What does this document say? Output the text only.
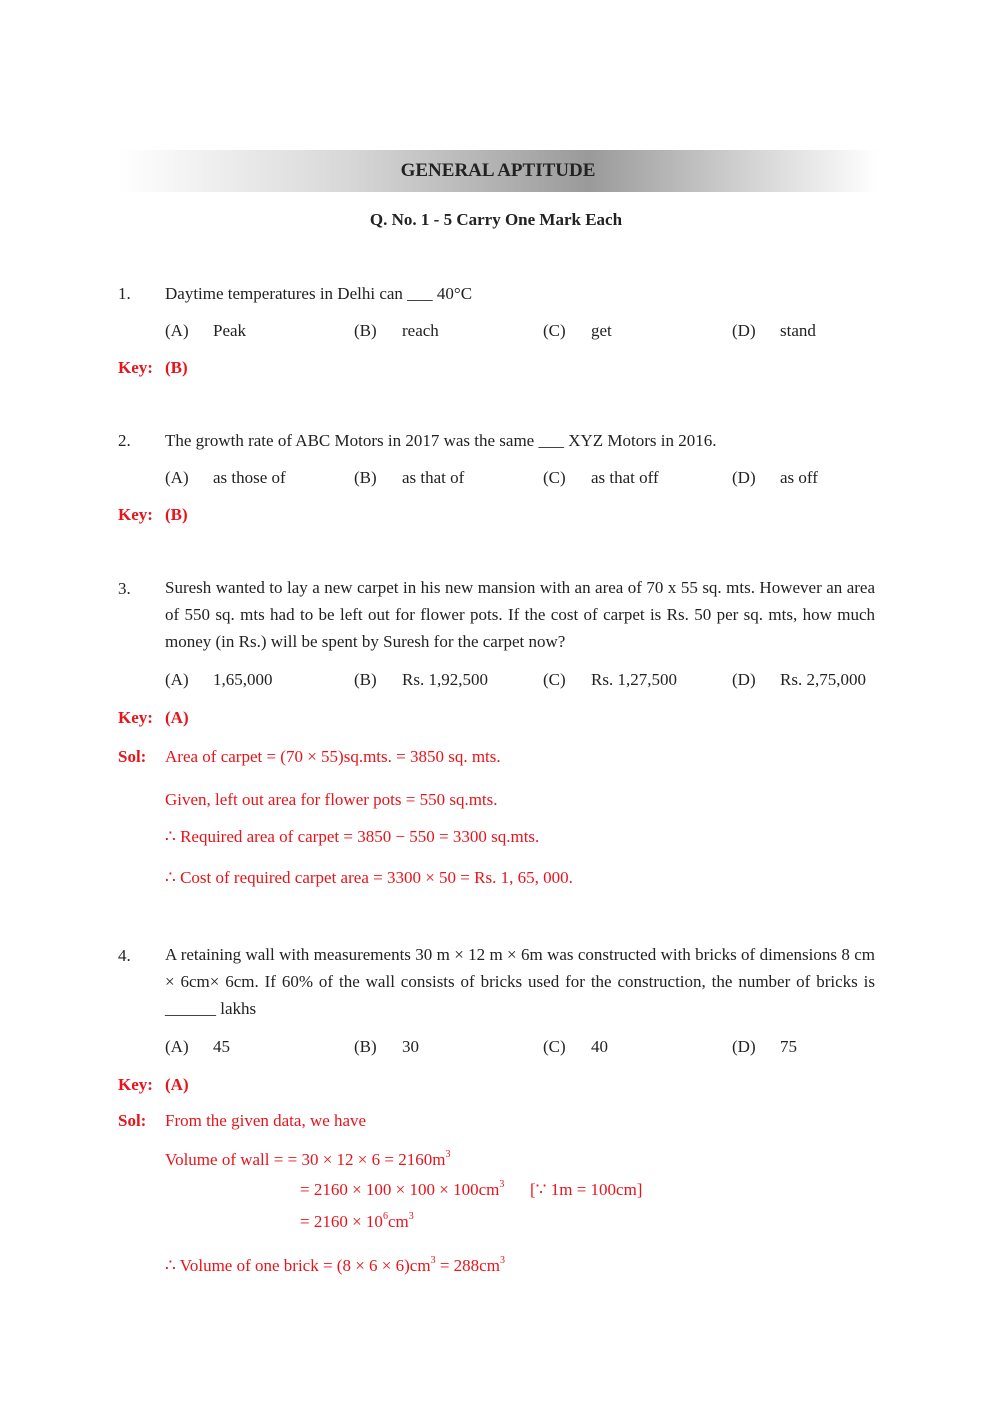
GENERAL APTITUDE
Q. No. 1 - 5 Carry One Mark Each
1. Daytime temperatures in Delhi can ___ 40°C
(A) Peak	(B) reach	(C) get	(D) stand
Key: (B)
2. The growth rate of ABC Motors in 2017 was the same ___ XYZ Motors in 2016.
(A) as those of	(B) as that of	(C) as that off	(D) as off
Key: (B)
3. Suresh wanted to lay a new carpet in his new mansion with an area of 70 x 55 sq. mts. However an area of 550 sq. mts had to be left out for flower pots. If the cost of carpet is Rs. 50 per sq. mts, how much money (in Rs.) will be spent by Suresh for the carpet now?
(A) 1,65,000	(B) Rs. 1,92,500	(C) Rs. 1,27,500	(D) Rs. 2,75,000
Key: (A)
Sol: Area of carpet = (70 × 55)sq.mts. = 3850 sq. mts.
Given, left out area for flower pots = 550 sq.mts.
∴ Required area of carpet = 3850 − 550 = 3300 sq.mts.
∴ Cost of required carpet area = 3300 × 50 = Rs. 1, 65, 000.
4. A retaining wall with measurements 30 m × 12 m × 6m was constructed with bricks of dimensions 8 cm × 6cm× 6cm. If 60% of the wall consists of bricks used for the construction, the number of bricks is ______ lakhs
(A) 45	(B) 30	(C) 40	(D) 75
Key: (A)
Sol: From the given data, we have
Volume of wall = = $30 \times 12 \times 6 = 2160m^3$
= $2160 \times 100 \times 100 \times 100cm^3$ [∵ 1m = 100cm]
= $2160 \times 10^6cm^3$
∴ Volume of one brick = $(8 \times 6 \times 6)cm^3 = 288cm^3$
